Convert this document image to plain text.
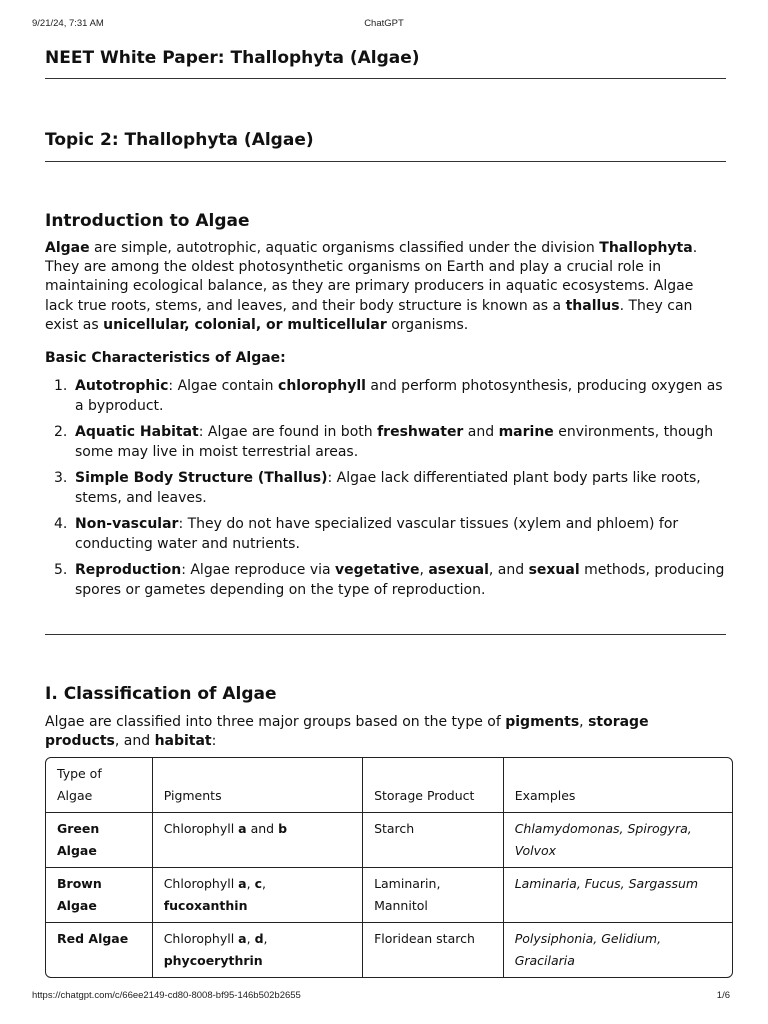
9/21/24, 7:31 AM	ChatGPT
NEET White Paper: Thallophyta (Algae)
Topic 2: Thallophyta (Algae)
Introduction to Algae

Algae are simple, autotrophic, aquatic organisms classified under the division Thallophyta. They are among the oldest photosynthetic organisms on Earth and play a crucial role in maintaining ecological balance, as they are primary producers in aquatic ecosystems. Algae lack true roots, stems, and leaves, and their body structure is known as a thallus. They can exist as unicellular, colonial, or multicellular organisms.

Basic Characteristics of Algae:

1. Autotrophic: Algae contain chlorophyll and perform photosynthesis, producing oxygen as a byproduct.
2. Aquatic Habitat: Algae are found in both freshwater and marine environments, though some may live in moist terrestrial areas.
3. Simple Body Structure (Thallus): Algae lack differentiated plant body parts like roots, stems, and leaves.
4. Non-vascular: They do not have specialized vascular tissues (xylem and phloem) for conducting water and nutrients.
5. Reproduction: Algae reproduce via vegetative, asexual, and sexual methods, producing spores or gametes depending on the type of reproduction.
I. Classification of Algae

Algae are classified into three major groups based on the type of pigments, storage products, and habitat:

Type of Algae	Pigments	Storage Product	Examples
Green Algae	Chlorophyll a and b	Starch	Chlamydomonas, Spirogyra, Volvox
Brown Algae	Chlorophyll a, c, fucoxanthin	Laminarin, Mannitol	Laminaria, Fucus, Sargassum
Red Algae	Chlorophyll a, d, phycoerythrin	Floridean starch	Polysiphonia, Gelidium, Gracilaria
https://chatgpt.com/c/66ee2149-cd80-8008-bf95-146b502b2655	1/6
